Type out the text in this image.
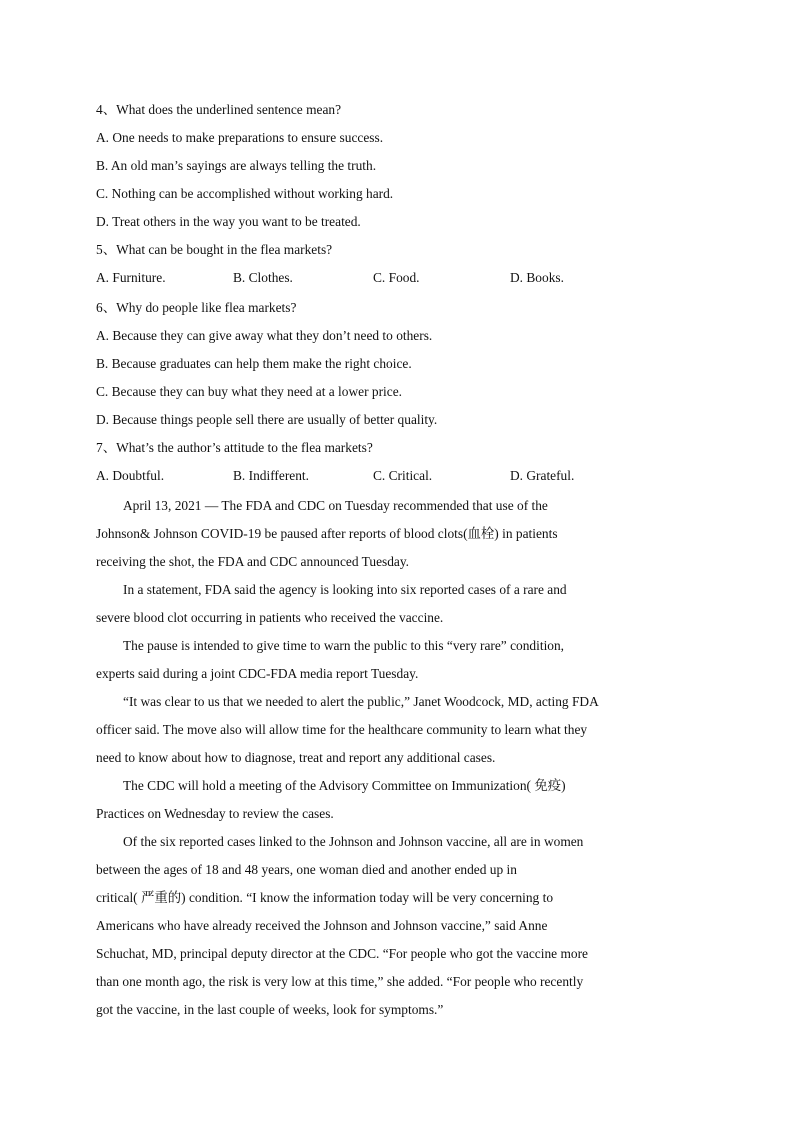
4、What does the underlined sentence mean?
A. One needs to make preparations to ensure success.
B. An old man’s sayings are always telling the truth.
C. Nothing can be accomplished without working hard.
D. Treat others in the way you want to be treated.
5、What can be bought in the flea markets?
A. Furniture.	B. Clothes.	C. Food.	D. Books.
6、Why do people like flea markets?
A. Because they can give away what they don’t need to others.
B. Because graduates can help them make the right choice.
C. Because they can buy what they need at a lower price.
D. Because things people sell there are usually of better quality.
7、What’s the author’s attitude to the flea markets?
A. Doubtful.	B. Indifferent.	C. Critical.	D. Grateful.
April 13, 2021 — The FDA and CDC on Tuesday recommended that use of the
Johnson& Johnson COVID-19 be paused after reports of blood clots(血栓) in patients
receiving the shot, the FDA and CDC announced Tuesday.
In a statement, FDA said the agency is looking into six reported cases of a rare and
severe blood clot occurring in patients who received the vaccine.
The pause is intended to give time to warn the public to this “very rare” condition,
experts said during a joint CDC-FDA media report Tuesday.
“It was clear to us that we needed to alert the public,” Janet Woodcock, MD, acting FDA
officer said. The move also will allow time for the healthcare community to learn what they
need to know about how to diagnose, treat and report any additional cases.
The CDC will hold a meeting of the Advisory Committee on Immunization( 免疫)
Practices on Wednesday to review the cases.
Of the six reported cases linked to the Johnson and Johnson vaccine, all are in women
between the ages of 18 and 48 years, one woman died and another ended up in
critical( 严重的) condition. “I know the information today will be very concerning to
Americans who have already received the Johnson and Johnson vaccine,” said Anne
Schuchat, MD, principal deputy director at the CDC. “For people who got the vaccine more
than one month ago, the risk is very low at this time,” she added. “For people who recently
got the vaccine, in the last couple of weeks, look for symptoms.”
